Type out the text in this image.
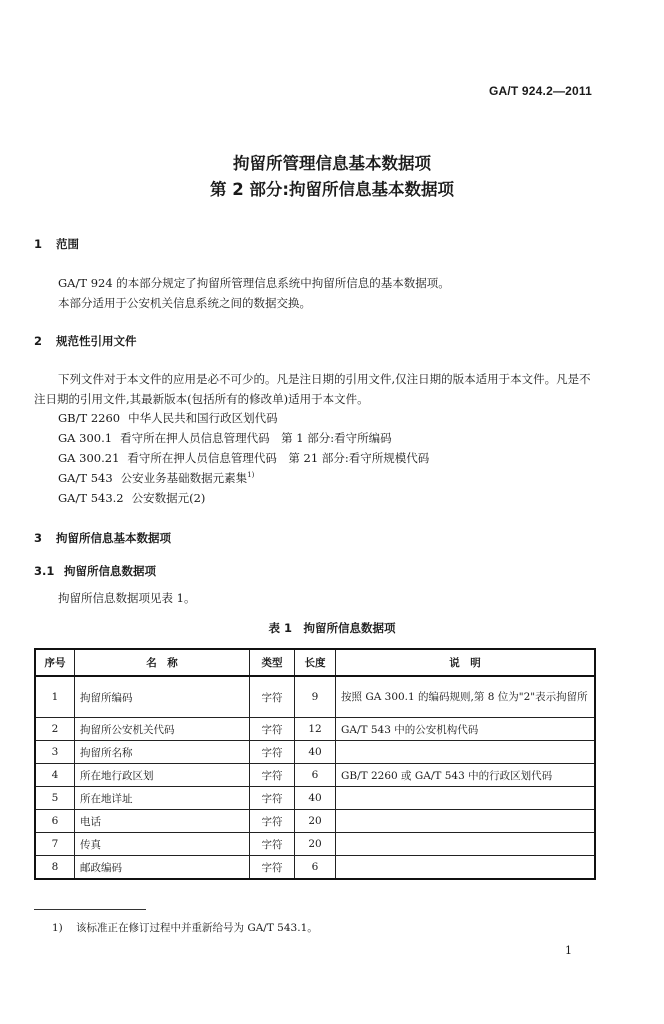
GA/T 924.2—2011
拘留所管理信息基本数据项
第 2 部分:拘留所信息基本数据项
1 范围
GA/T 924 的本部分规定了拘留所管理信息系统中拘留所信息的基本数据项。
本部分适用于公安机关信息系统之间的数据交换。
2 规范性引用文件
下列文件对于本文件的应用是必不可少的。凡是注日期的引用文件,仅注日期的版本适用于本文件。凡是不注日期的引用文件,其最新版本(包括所有的修改单)适用于本文件。
GB/T 2260 中华人民共和国行政区划代码
GA 300.1 看守所在押人员信息管理代码　第 1 部分:看守所编码
GA 300.21 看守所在押人员信息管理代码　第 21 部分:看守所规模代码
GA/T 543 公安业务基础数据元素集$^{1)}$
GA/T 543.2 公安数据元(2)
3 拘留所信息基本数据项
3.1 拘留所信息数据项
拘留所信息数据项见表 1。
表 1　拘留所信息数据项
序号	名　称	类型	长度	说　明
1	拘留所编码	字符	9	按照 GA 300.1 的编码规则,第 8 位为"2"表示拘留所
2	拘留所公安机关代码	字符	12	GA/T 543 中的公安机构代码
3	拘留所名称	字符	40	
4	所在地行政区划	字符	6	GB/T 2260 或 GA/T 543 中的行政区划代码
5	所在地详址	字符	40	
6	电话	字符	20	
7	传真	字符	20	
8	邮政编码	字符	6	
1) 该标准正在修订过程中并重新给号为 GA/T 543.1。
1
